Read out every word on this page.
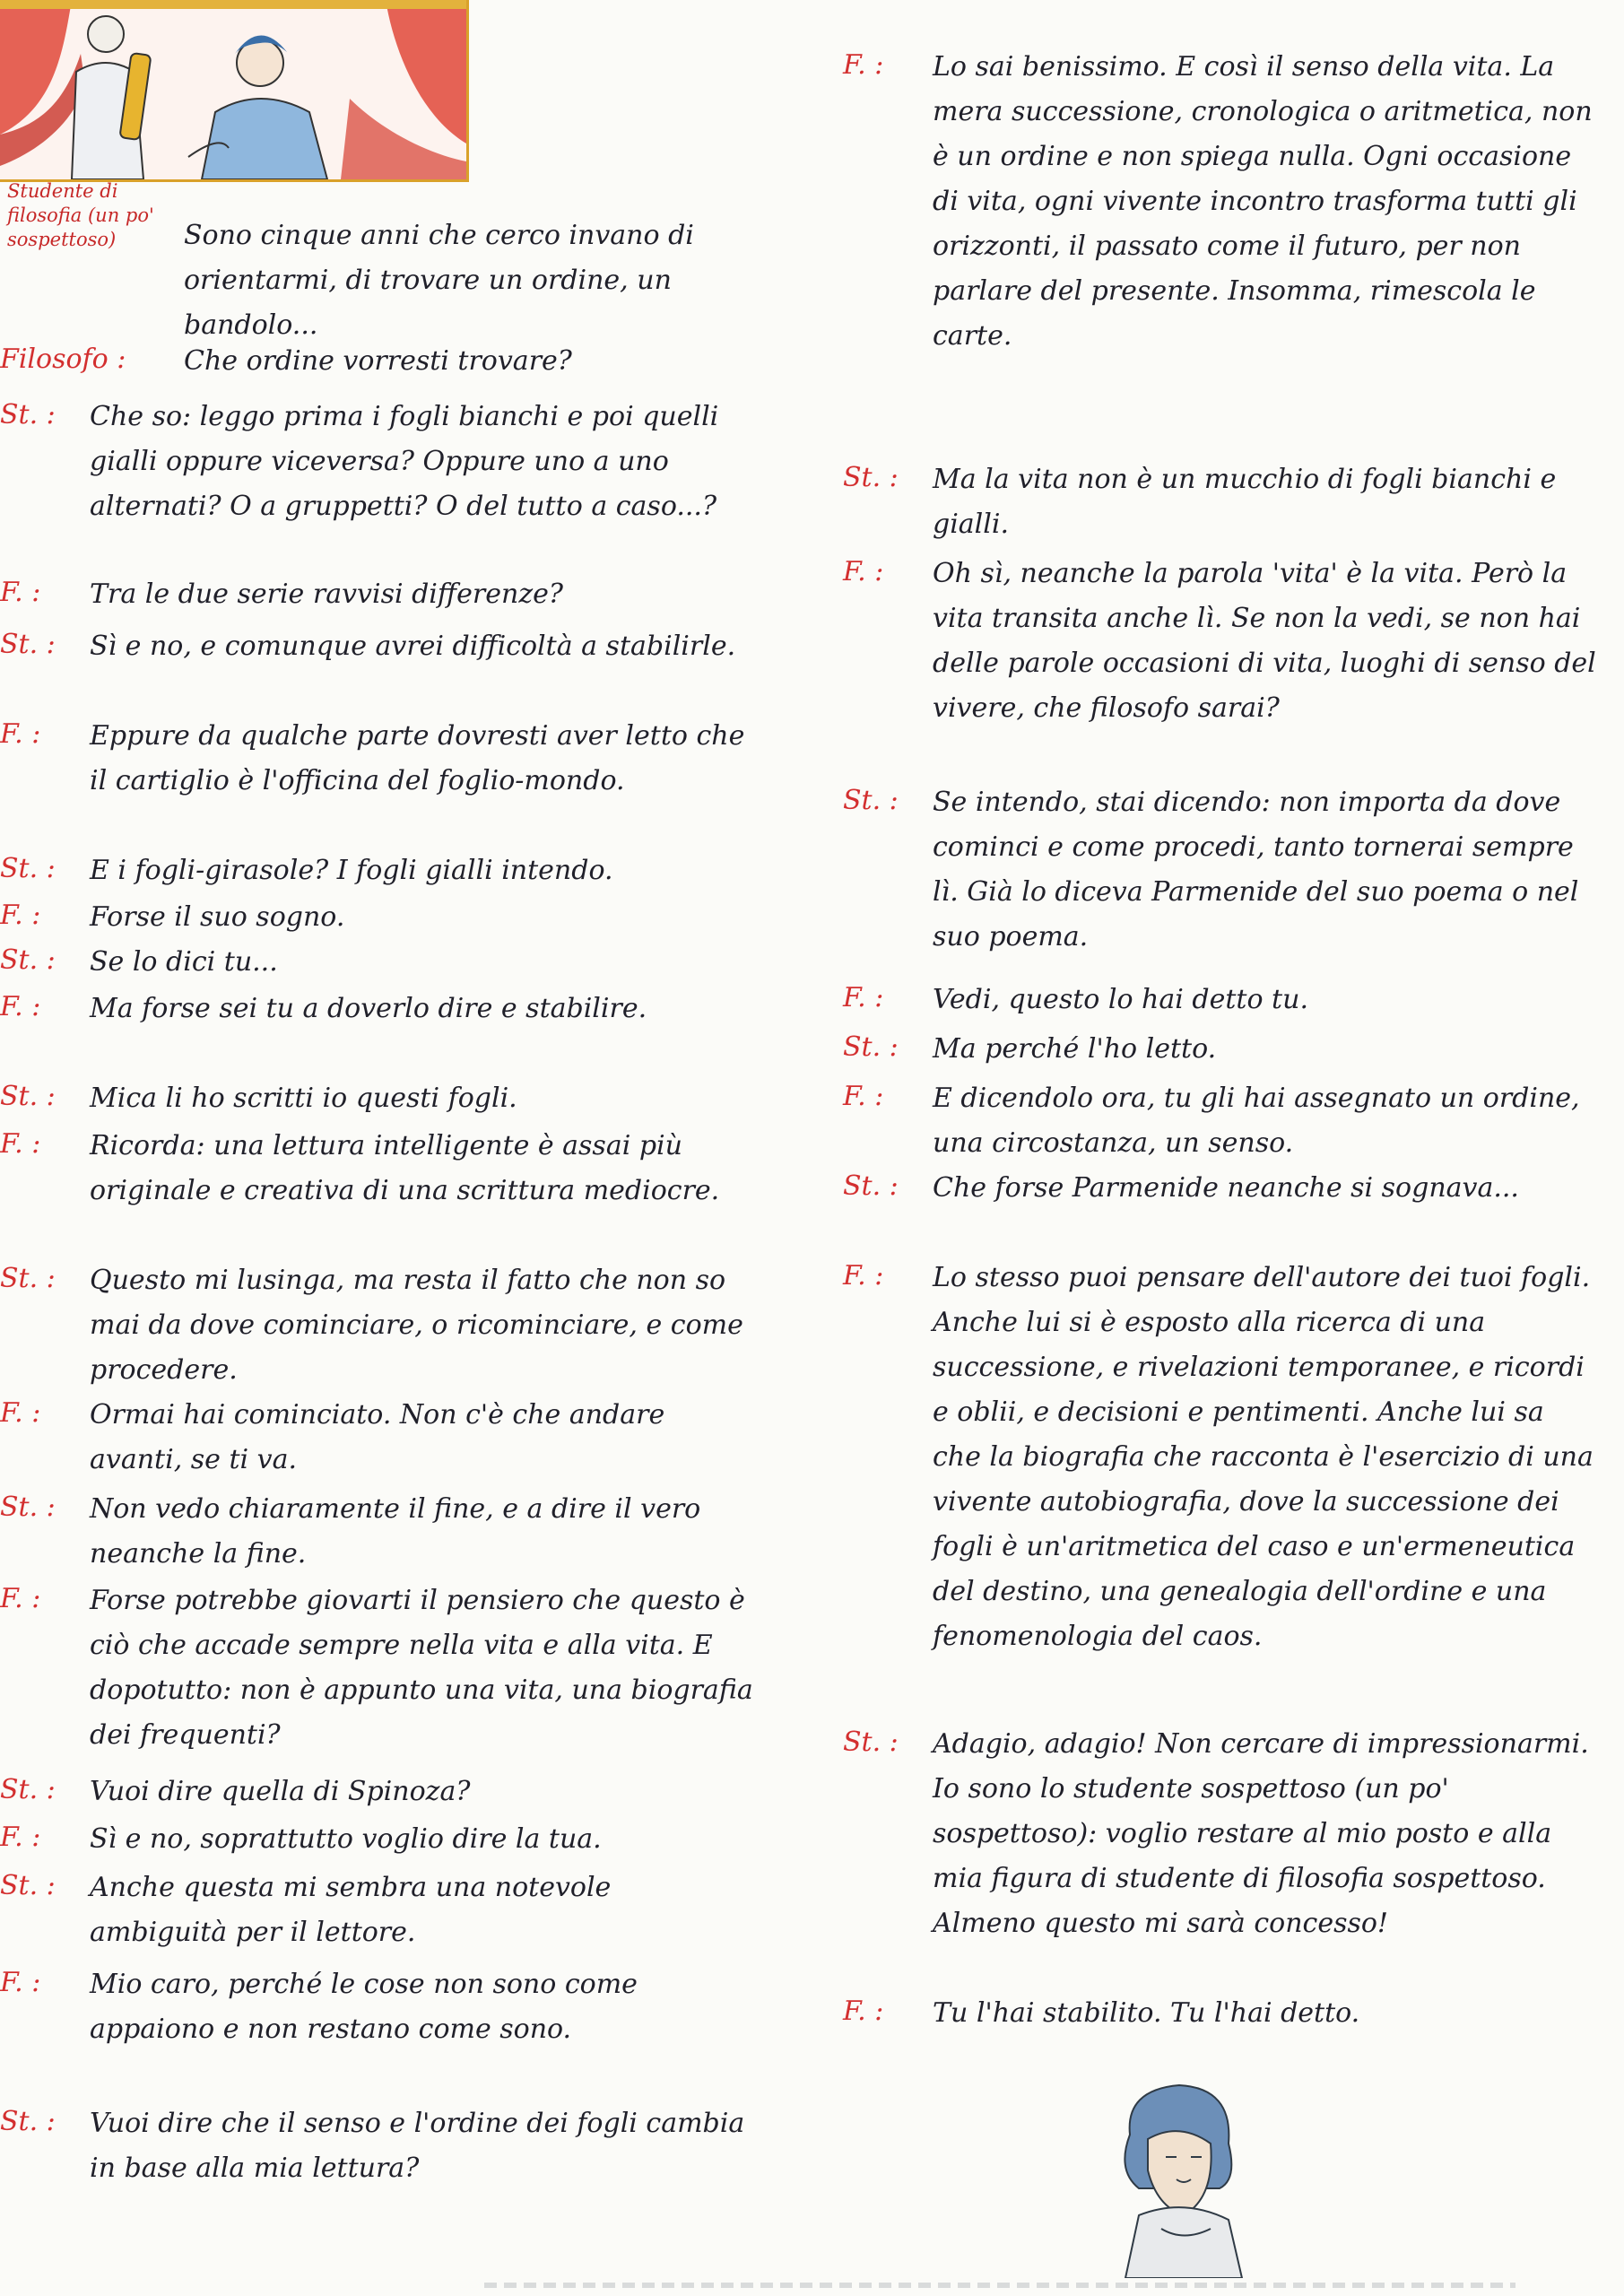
Studente di filosofia (un po' sospettoso)	Sono cinque anni che cerco invano di orientarmi, di trovare un ordine, un bandolo...
Filosofo : Che ordine vorresti trovare?
St. : Che so: leggo prima i fogli bianchi e poi quelli gialli oppure viceversa? Oppure uno a uno alternati? O a gruppetti? O del tutto a caso...?
F. : Tra le due serie ravvisi differenze?
St. : Sì e no, e comunque avrei difficoltà a stabilirle.
F. : Eppure da qualche parte dovresti aver letto che il cartiglio è l'officina del foglio-mondo.
St. : E i fogli-girasole? I fogli gialli intendo.
F. : Forse il suo sogno.
St. : Se lo dici tu...
F. : Ma forse sei tu a doverlo dire e stabilire.
St. : Mica li ho scritti io questi fogli.
F. : Ricorda: una lettura intelligente è assai più originale e creativa di una scrittura mediocre.
St. : Questo mi lusinga, ma resta il fatto che non so mai da dove cominciare, o ricominciare, e come procedere.
F. : Ormai hai cominciato. Non c'è che andare avanti, se ti va.
St. : Non vedo chiaramente il fine, e a dire il vero neanche la fine.
F. : Forse potrebbe giovarti il pensiero che questo è ciò che accade sempre nella vita e alla vita. E dopotutto: non è appunto una vita, una biografia dei frequenti?
St. : Vuoi dire quella di Spinoza?
F. : Sì e no, soprattutto voglio dire la tua.
St. : Anche questa mi sembra una notevole ambiguità per il lettore.
F. : Mio caro, perché le cose non sono come appaiono e non restano come sono.
St. : Vuoi dire che il senso e l'ordine dei fogli cambia in base alla mia lettura?
F. : Lo sai benissimo. E così il senso della vita. La mera successione, cronologica o aritmetica, non è un ordine e non spiega nulla. Ogni occasione di vita, ogni vivente incontro trasforma tutti gli orizzonti, il passato come il futuro, per non parlare del presente. Insomma, rimescola le carte.
St. : Ma la vita non è un mucchio di fogli bianchi e gialli.
F. : Oh sì, neanche la parola 'vita' è la vita. Però la vita transita anche lì. Se non la vedi, se non hai delle parole occasioni di vita, luoghi di senso del vivere, che filosofo sarai?
St. : Se intendo, stai dicendo: non importa da dove cominci e come procedi, tanto tornerai sempre lì. Già lo diceva Parmenide del suo poema o nel suo poema.
F. : Vedi, questo lo hai detto tu.
St. : Ma perché l'ho letto.
F. : E dicendolo ora, tu gli hai assegnato un ordine, una circostanza, un senso.
St. : Che forse Parmenide neanche si sognava...
F. : Lo stesso puoi pensare dell'autore dei tuoi fogli. Anche lui si è esposto alla ricerca di una successione, e rivelazioni temporanee, e ricordi e oblii, e decisioni e pentimenti. Anche lui sa che la biografia che racconta è l'esercizio di una vivente autobiografia, dove la successione dei fogli è un'aritmetica del caso e un'ermeneutica del destino, una genealogia dell'ordine e una fenomenologia del caos.
St. : Adagio, adagio! Non cercare di impressionarmi. Io sono lo studente sospettoso (un po' sospettoso): voglio restare al mio posto e alla mia figura di studente di filosofia sospettoso. Almeno questo mi sarà concesso!
F. : Tu l'hai stabilito. Tu l'hai detto.
